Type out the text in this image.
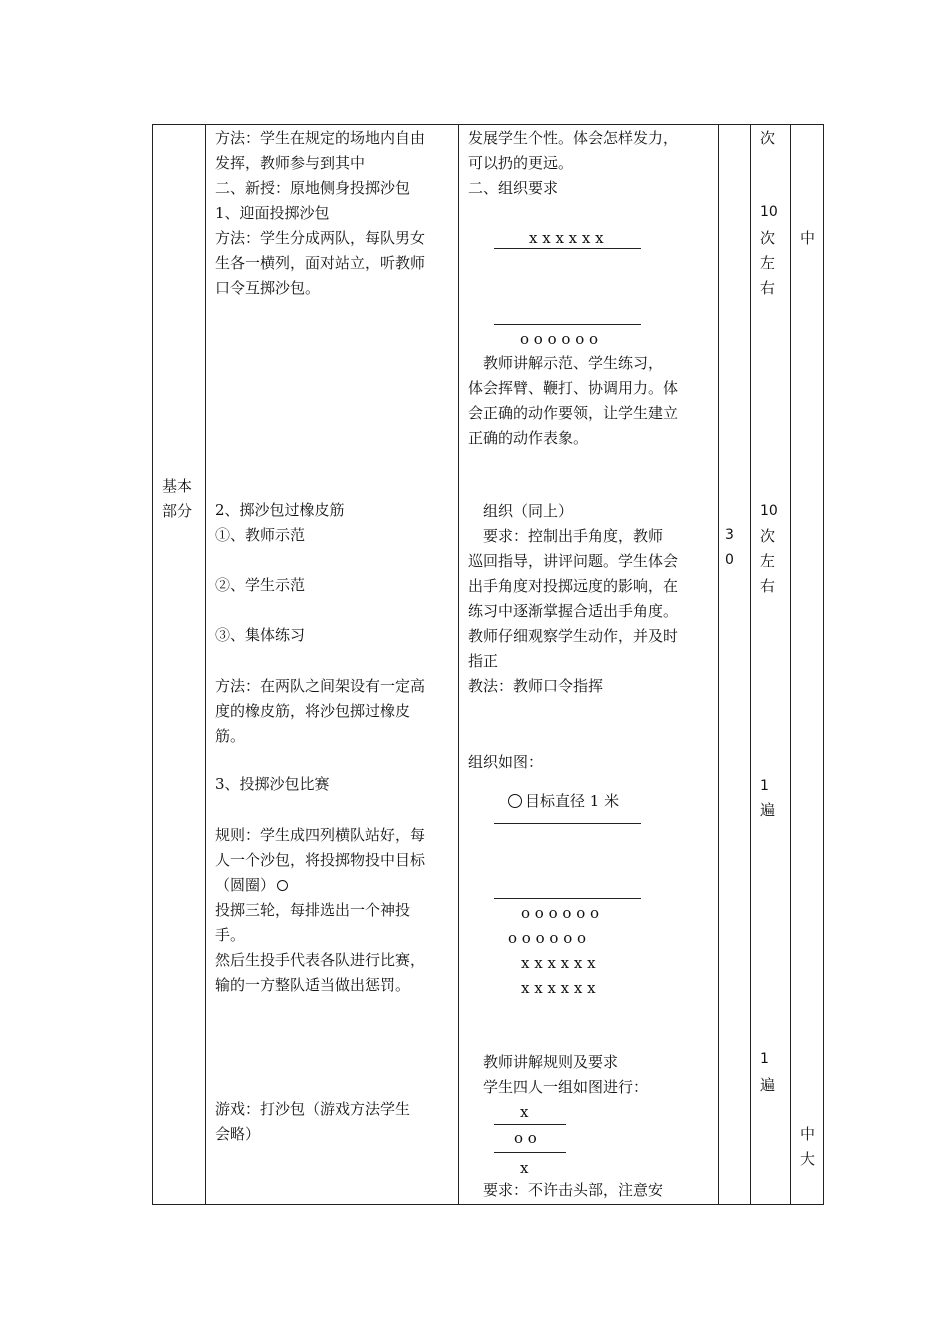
基本
部分
方法：学生在规定的场地内自由
发挥，教师参与到其中
二、新授：原地侧身投掷沙包
1、迎面投掷沙包
方法：学生分成两队，每队男女
生各一横列，面对站立，听教师
口令互掷沙包。
2、掷沙包过橡皮筋
①、教师示范
②、学生示范
③、集体练习
方法：在两队之间架设有一定高
度的橡皮筋，将沙包掷过橡皮
筋。
3、投掷沙包比赛
规则：学生成四列横队站好，每
人一个沙包，将投掷物投中目标
（圆圈）
投掷三轮，每排选出一个神投
手。
然后生投手代表各队进行比赛，
输的一方整队适当做出惩罚。
游戏：打沙包（游戏方法学生
会略）
发展学生个性。体会怎样发力，
可以扔的更远。
二、组织要求
x x x x x x
o o o o o o
　教师讲解示范、学生练习，
体会挥臂、鞭打、协调用力。体
会正确的动作要领，让学生建立
正确的动作表象。
　组织（同上）
　要求：控制出手角度，教师
巡回指导，讲评问题。学生体会
出手角度对投掷远度的影响，在
练习中逐渐掌握合适出手角度。
教师仔细观察学生动作，并及时
指正
教法：教师口令指挥
组织如图：
目标直径 1 米
o o o o o o
o o o o o o
x x x x x x
x x x x x x
　教师讲解规则及要求
　学生四人一组如图进行：
x
o o
x
　要求：不许击头部，注意安
3
0
次
10
次
左
右
10
次
左
右
1
遍
1
遍
中
中
大
